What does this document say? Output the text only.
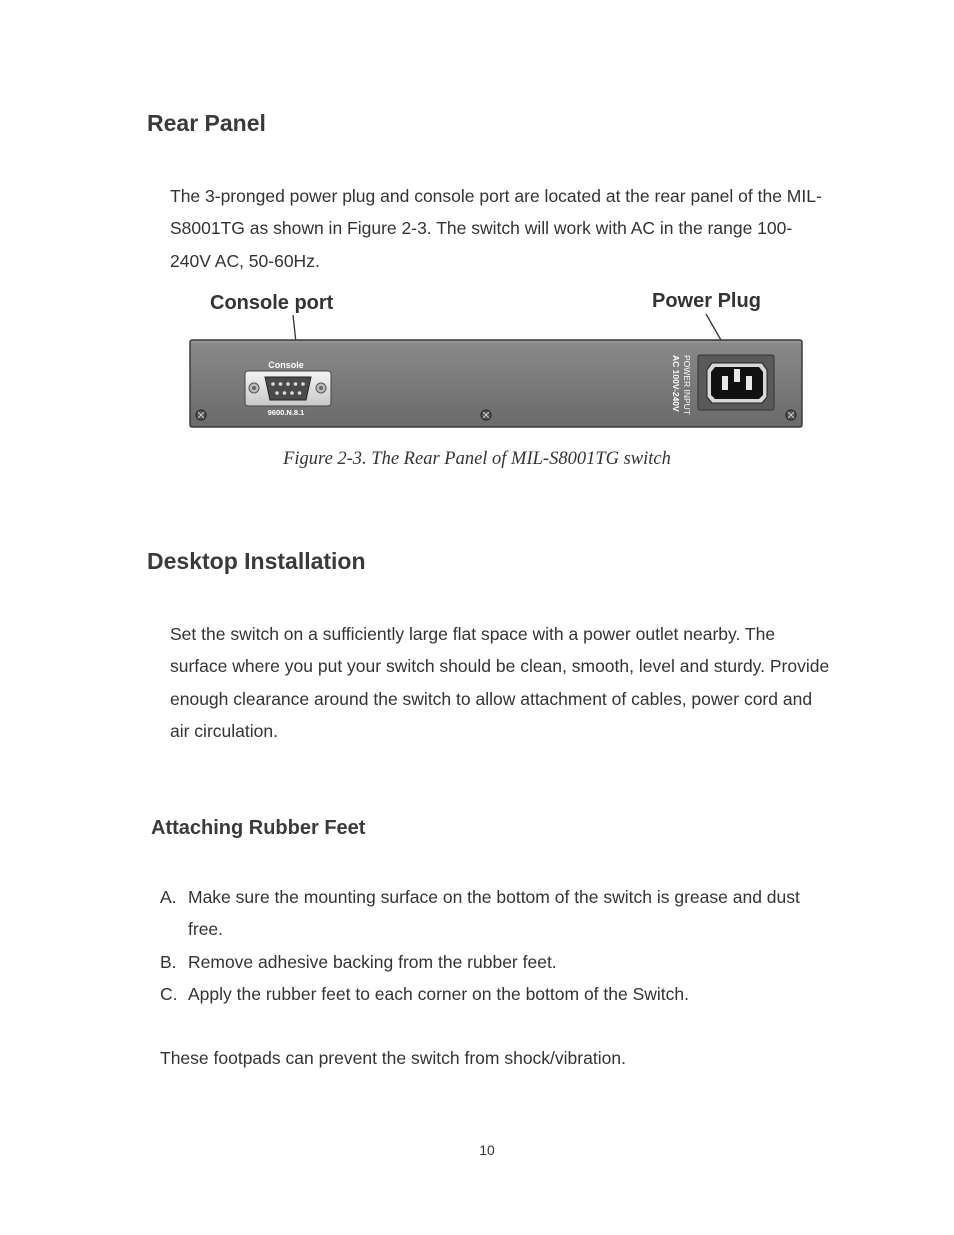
Rear Panel

The 3-pronged power plug and console port are located at the rear panel of the MIL-S8001TG as shown in Figure 2-3. The switch will work with AC in the range 100-240V AC, 50-60Hz.

Console port	Power Plug
Console
9600.N.8.1	POWER INPUT
AC 100V-240V
Figure 2-3. The Rear Panel of MIL-S8001TG switch
Desktop Installation

Set the switch on a sufficiently large flat space with a power outlet nearby. The surface where you put your switch should be clean, smooth, level and sturdy. Provide enough clearance around the switch to allow attachment of cables, power cord and air circulation.

Attaching Rubber Feet
A. Make sure the mounting surface on the bottom of the switch is grease and dust free.
B. Remove adhesive backing from the rubber feet.
C. Apply the rubber feet to each corner on the bottom of the Switch.
These footpads can prevent the switch from shock/vibration.
10
